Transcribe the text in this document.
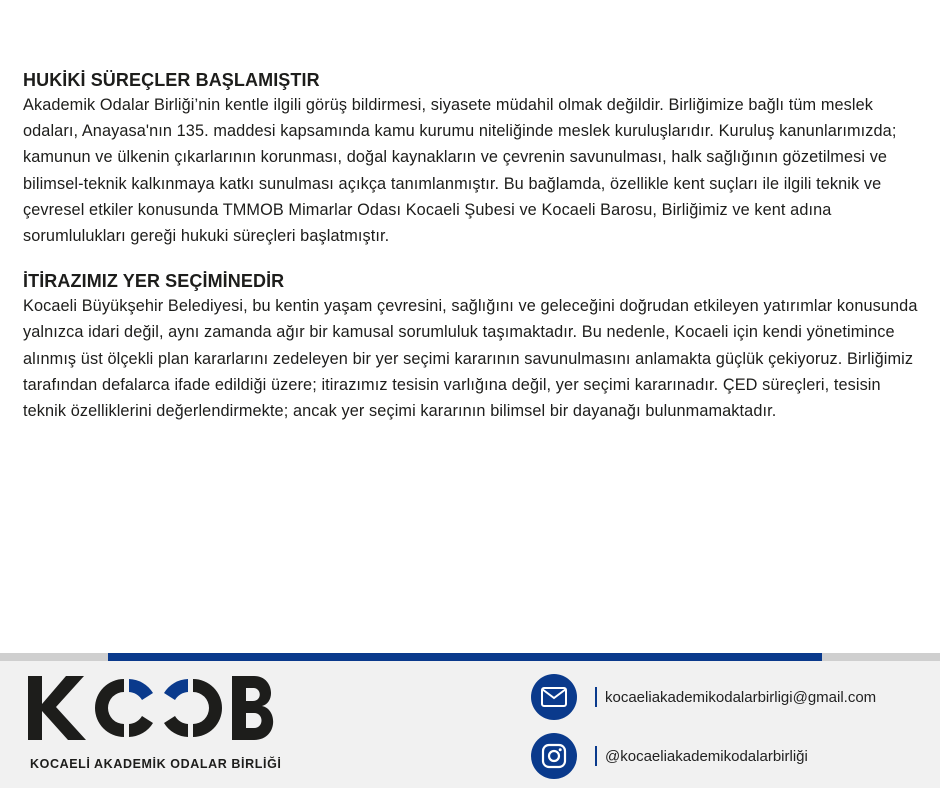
HUKİKİ SÜREÇLER BAŞLAMIŞTIR

Akademik Odalar Birliği’nin kentle ilgili görüş bildirmesi, siyasete müdahil olmak değildir. Birliğimize bağlı tüm meslek odaları, Anayasa'nın 135. maddesi kapsamında kamu kurumu niteliğinde meslek kuruluşlarıdır. Kuruluş kanunlarımızda; kamunun ve ülkenin çıkarlarının korunması, doğal kaynakların ve çevrenin savunulması, halk sağlığının gözetilmesi ve bilimsel-teknik kalkınmaya katkı sunulması açıkça tanımlanmıştır. Bu bağlamda, özellikle kent suçları ile ilgili teknik ve çevresel etkiler konusunda TMMOB Mimarlar Odası Kocaeli Şubesi ve Kocaeli Barosu, Birliğimiz ve kent adına sorumlulukları gereği hukuki süreçleri başlatmıştır.

İTİRAZIMIZ YER SEÇİMİNEDİR

Kocaeli Büyükşehir Belediyesi, bu kentin yaşam çevresini, sağlığını ve geleceğini doğrudan etkileyen yatırımlar konusunda yalnızca idari değil, aynı zamanda ağır bir kamusal sorumluluk taşımaktadır. Bu nedenle, Kocaeli için kendi yönetimince alınmış üst ölçekli plan kararlarını zedeleyen bir yer seçimi kararının savunulmasını anlamakta güçlük çekiyoruz. Birliğimiz tarafından defalarca ifade edildiği üzere; itirazımız tesisin varlığına değil, yer seçimi kararınadır. ÇED süreçleri, tesisin teknik özelliklerini değerlendirmekte; ancak yer seçimi kararının bilimsel bir dayanağı bulunmamaktadır.

KOCAELİ AKADEMİK ODALAR BİRLİĞİ
kocaeliakademikodalarbirligi@gmail.com
@kocaeliakademikodalarbirliği
